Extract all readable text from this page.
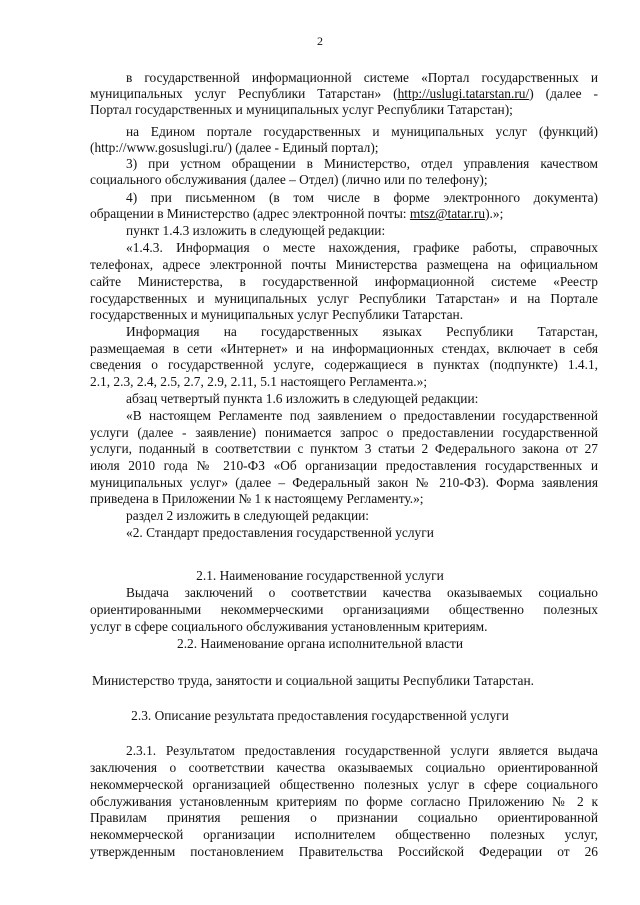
2
в государственной информационной системе «Портал государственных и
муниципальных услуг Республики Татарстан» (http://uslugi.tatarstan.ru/) (далее -
Портал государственных и муниципальных услуг Республики Татарстан);
на Едином портале государственных и муниципальных услуг (функций)
(http://www.gosuslugi.ru/) (далее - Единый портал);
3) при устном обращении в Министерство, отдел управления качеством
социального обслуживания (далее – Отдел) (лично или по телефону);
4) при письменном (в том числе в форме электронного документа)
обращении в Министерство (адрес электронной почты: mtsz@tatar.ru).»;
пункт 1.4.3 изложить в следующей редакции:
«1.4.3. Информация о месте нахождения, графике работы, справочных
телефонах, адресе электронной почты Министерства размещена на официальном
сайте Министерства, в государственной информационной системе «Реестр
государственных и муниципальных услуг Республики Татарстан» и на Портале
государственных и муниципальных услуг Республики Татарстан.
Информация на государственных языках Республики Татарстан,
размещаемая в сети «Интернет» и на информационных стендах, включает в себя
сведения о государственной услуге, содержащиеся в пунктах (подпункте) 1.4.1,
2.1, 2.3, 2.4, 2.5, 2.7, 2.9, 2.11, 5.1 настоящего Регламента.»;
абзац четвертый пункта 1.6 изложить в следующей редакции:
«В настоящем Регламенте под заявлением о предоставлении государственной
услуги (далее - заявление) понимается запрос о предоставлении государственной
услуги, поданный в соответствии с пунктом 3 статьи 2 Федерального закона от 27
июля 2010 года № 210-ФЗ «Об организации предоставления государственных и
муниципальных услуг» (далее – Федеральный закон № 210-ФЗ). Форма заявления
приведена в Приложении № 1 к настоящему Регламенту.»;
раздел 2 изложить в следующей редакции:
«2. Стандарт предоставления государственной услуги
2.1. Наименование государственной услуги
Выдача заключений о соответствии качества оказываемых социально
ориентированными некоммерческими организациями общественно полезных
услуг в сфере социального обслуживания установленным критериям.
2.2. Наименование органа исполнительной власти
Министерство труда, занятости и социальной защиты Республики Татарстан.
2.3. Описание результата предоставления государственной услуги
2.3.1. Результатом предоставления государственной услуги является выдача
заключения о соответствии качества оказываемых социально ориентированной
некоммерческой организацией общественно полезных услуг в сфере социального
обслуживания установленным критериям по форме согласно Приложению № 2 к
Правилам принятия решения о признании социально ориентированной
некоммерческой организации исполнителем общественно полезных услуг,
утвержденным постановлением Правительства Российской Федерации от 26
